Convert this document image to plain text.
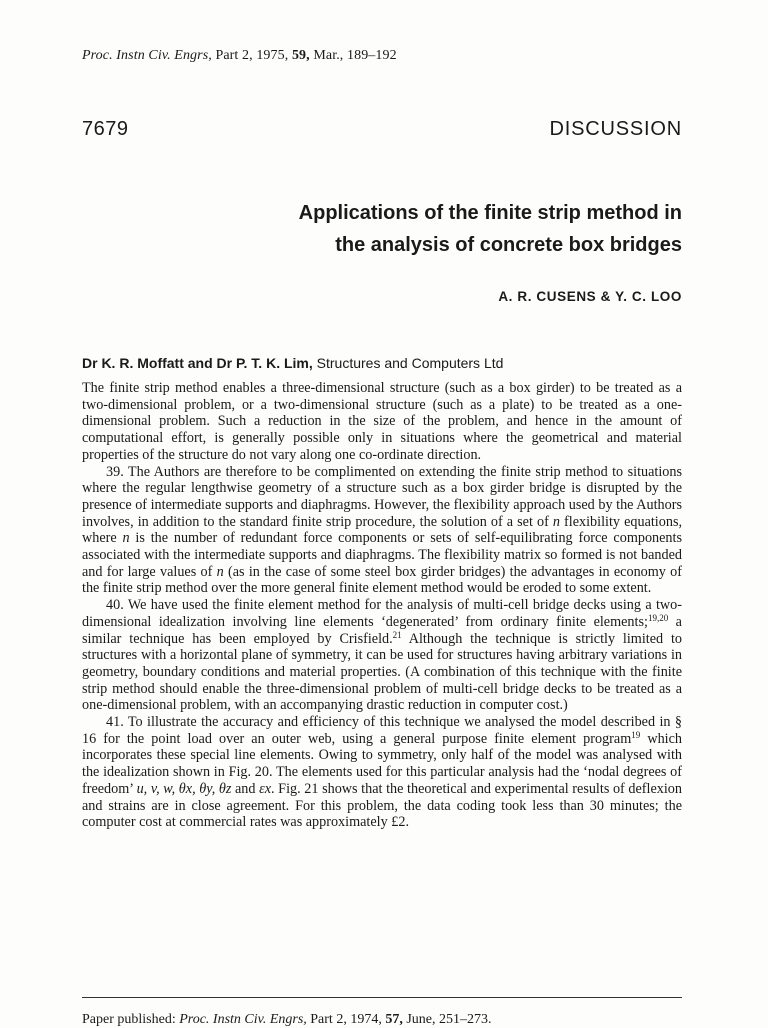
Proc. Instn Civ. Engrs, Part 2, 1975, 59, Mar., 189–192
7679	DISCUSSION
Applications of the finite strip method in
the analysis of concrete box bridges
A. R. CUSENS & Y. C. LOO
Dr K. R. Moffatt and Dr P. T. K. Lim, Structures and Computers Ltd

The finite strip method enables a three-dimensional structure (such as a box girder) to be treated as a two-dimensional problem, or a two-dimensional structure (such as a plate) to be treated as a one-dimensional problem. Such a reduction in the size of the problem, and hence in the amount of computational effort, is generally possible only in situations where the geometrical and material properties of the structure do not vary along one co-ordinate direction.

39. The Authors are therefore to be complimented on extending the finite strip method to situations where the regular lengthwise geometry of a structure such as a box girder bridge is disrupted by the presence of intermediate supports and diaphragms. However, the flexibility approach used by the Authors involves, in addition to the standard finite strip procedure, the solution of a set of n flexibility equations, where n is the number of redundant force components or sets of self-equilibrating force components associated with the intermediate supports and diaphragms. The flexibility matrix so formed is not banded and for large values of n (as in the case of some steel box girder bridges) the advantages in economy of the finite strip method over the more general finite element method would be eroded to some extent.

40. We have used the finite element method for the analysis of multi-cell bridge decks using a two-dimensional idealization involving line elements ‘degenerated’ from ordinary finite elements;$^{19,20}$ a similar technique has been employed by Crisfield.$^{21}$ Although the technique is strictly limited to structures with a horizontal plane of symmetry, it can be used for structures having arbitrary variations in geometry, boundary conditions and material properties. (A combination of this technique with the finite strip method should enable the three-dimensional problem of multi-cell bridge decks to be treated as a one-dimensional problem, with an accompanying drastic reduction in computer cost.)

41. To illustrate the accuracy and efficiency of this technique we analysed the model described in § 16 for the point load over an outer web, using a general purpose finite element program$^{19}$ which incorporates these special line elements. Owing to symmetry, only half of the model was analysed with the idealization shown in Fig. 20. The elements used for this particular analysis had the ‘nodal degrees of freedom’ u, v, w, θx, θy, θz and εx. Fig. 21 shows that the theoretical and experimental results of deflexion and strains are in close agreement. For this problem, the data coding took less than 30 minutes; the computer cost at commercial rates was approximately £2.

Paper published: Proc. Instn Civ. Engrs, Part 2, 1974, 57, June, 251–273.
